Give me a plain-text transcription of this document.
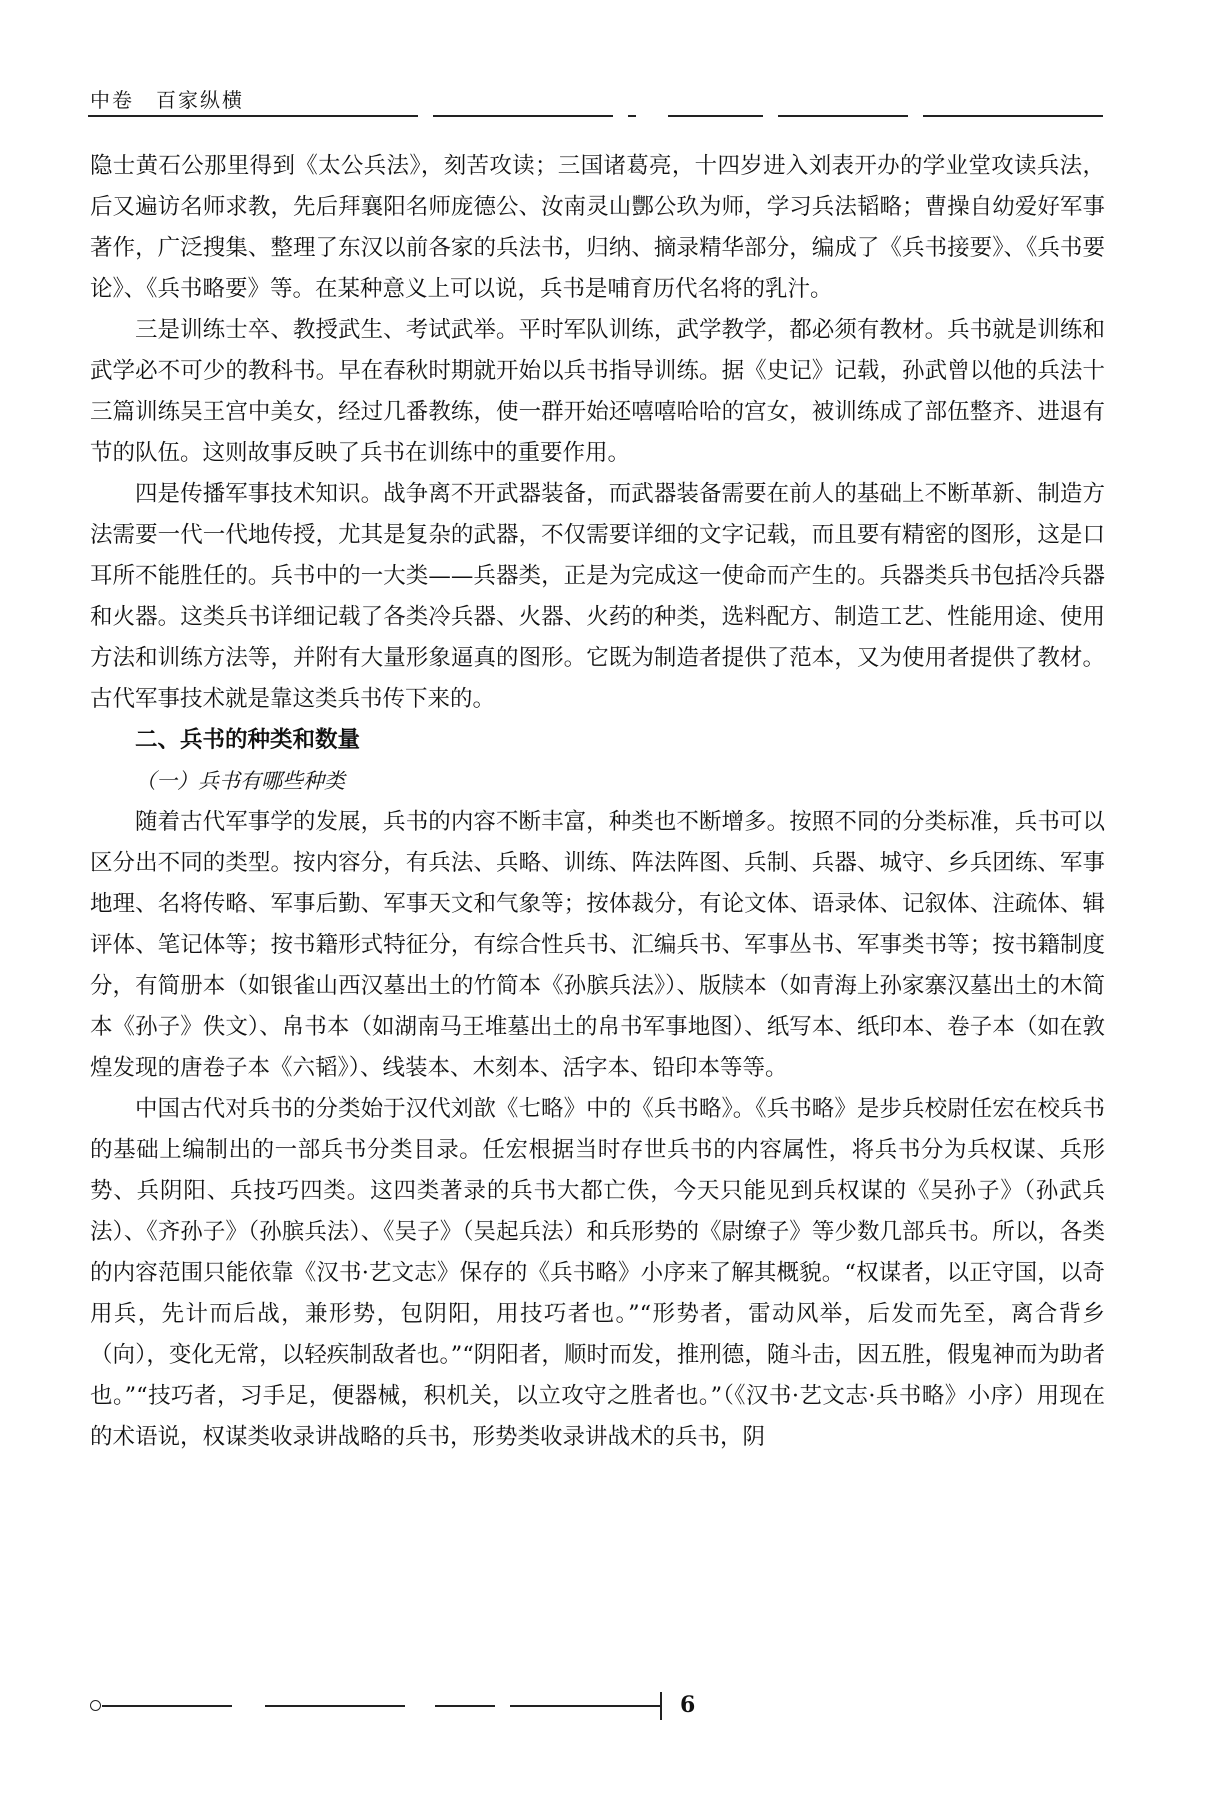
中卷 百家纵横

隐士黄石公那里得到《太公兵法》，刻苦攻读；三国诸葛亮，十四岁进入刘表开办的学业堂攻读兵法，后又遍访名师求教，先后拜襄阳名师庞德公、汝南灵山酆公玖为师，学习兵法韬略；曹操自幼爱好军事著作，广泛搜集、整理了东汉以前各家的兵法书，归纳、摘录精华部分，编成了《兵书接要》、《兵书要论》、《兵书略要》等。在某种意义上可以说，兵书是哺育历代名将的乳汁。

三是训练士卒、教授武生、考试武举。平时军队训练，武学教学，都必须有教材。兵书就是训练和武学必不可少的教科书。早在春秋时期就开始以兵书指导训练。据《史记》记载，孙武曾以他的兵法十三篇训练吴王宫中美女，经过几番教练，使一群开始还嘻嘻哈哈的宫女，被训练成了部伍整齐、进退有节的队伍。这则故事反映了兵书在训练中的重要作用。

四是传播军事技术知识。战争离不开武器装备，而武器装备需要在前人的基础上不断革新、制造方法需要一代一代地传授，尤其是复杂的武器，不仅需要详细的文字记载，而且要有精密的图形，这是口耳所不能胜任的。兵书中的一大类——兵器类，正是为完成这一使命而产生的。兵器类兵书包括冷兵器和火器。这类兵书详细记载了各类冷兵器、火器、火药的种类，选料配方、制造工艺、性能用途、使用方法和训练方法等，并附有大量形象逼真的图形。它既为制造者提供了范本，又为使用者提供了教材。古代军事技术就是靠这类兵书传下来的。

二、兵书的种类和数量

（一）兵书有哪些种类

随着古代军事学的发展，兵书的内容不断丰富，种类也不断增多。按照不同的分类标准，兵书可以区分出不同的类型。按内容分，有兵法、兵略、训练、阵法阵图、兵制、兵器、城守、乡兵团练、军事地理、名将传略、军事后勤、军事天文和气象等；按体裁分，有论文体、语录体、记叙体、注疏体、辑评体、笔记体等；按书籍形式特征分，有综合性兵书、汇编兵书、军事丛书、军事类书等；按书籍制度分，有简册本（如银雀山西汉墓出土的竹简本《孙膑兵法》）、版牍本（如青海上孙家寨汉墓出土的木简本《孙子》佚文）、帛书本（如湖南马王堆墓出土的帛书军事地图）、纸写本、纸印本、卷子本（如在敦煌发现的唐卷子本《六韬》）、线装本、木刻本、活字本、铅印本等等。

中国古代对兵书的分类始于汉代刘歆《七略》中的《兵书略》。《兵书略》是步兵校尉任宏在校兵书的基础上编制出的一部兵书分类目录。任宏根据当时存世兵书的内容属性，将兵书分为兵权谋、兵形势、兵阴阳、兵技巧四类。这四类著录的兵书大都亡佚，今天只能见到兵权谋的《吴孙子》（孙武兵法）、《齐孙子》（孙膑兵法）、《吴子》（吴起兵法）和兵形势的《尉缭子》等少数几部兵书。所以，各类的内容范围只能依靠《汉书·艺文志》保存的《兵书略》小序来了解其概貌。“权谋者，以正守国，以奇用兵，先计而后战，兼形势，包阴阳，用技巧者也。”“形势者，雷动风举，后发而先至，离合背乡（向），变化无常，以轻疾制敌者也。”“阴阳者，顺时而发，推刑德，随斗击，因五胜，假鬼神而为助者也。”“技巧者，习手足，便器械，积机关，以立攻守之胜者也。”（《汉书·艺文志·兵书略》小序）用现在的术语说，权谋类收录讲战略的兵书，形势类收录讲战术的兵书，阴

6
